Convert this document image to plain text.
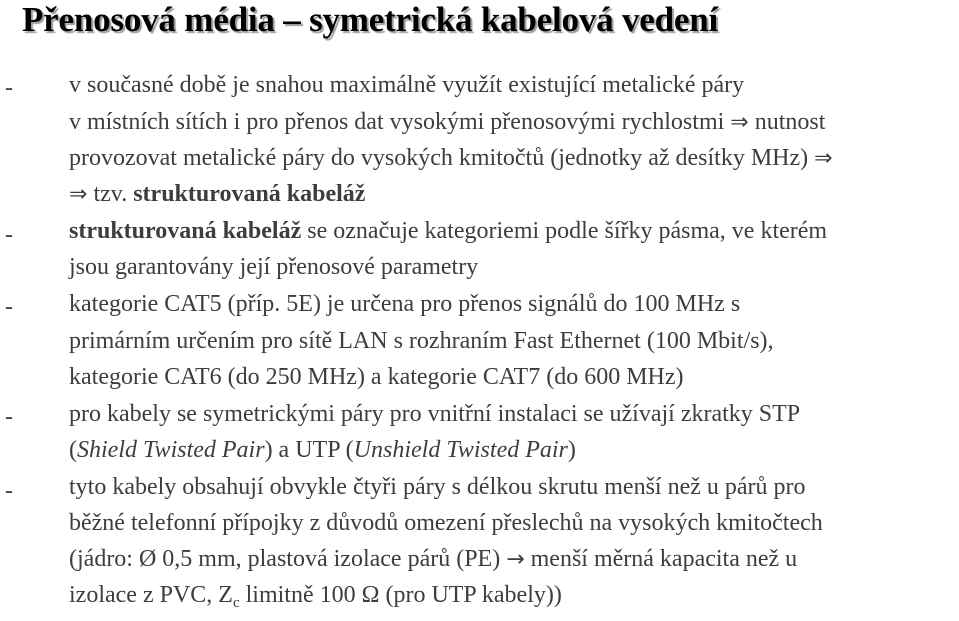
Přenosová média – symetrická kabelová vedení
- v současné době je snahou maximálně využít existující metalické páry
v místních sítích i pro přenos dat vysokými přenosovými rychlostmi ⇒ nutnost
provozovat metalické páry do vysokých kmitočtů (jednotky až desítky MHz) ⇒
⇒ tzv. strukturovaná kabeláž
- strukturovaná kabeláž se označuje kategoriemi podle šířky pásma, ve kterém
jsou garantovány její přenosové parametry
- kategorie CAT5 (příp. 5E) je určena pro přenos signálů do 100 MHz s
primárním určením pro sítě LAN s rozhraním Fast Ethernet (100 Mbit/s),
kategorie CAT6 (do 250 MHz) a kategorie CAT7 (do 600 MHz)
- pro kabely se symetrickými páry pro vnitřní instalaci se užívají zkratky STP
(Shield Twisted Pair) a UTP (Unshield Twisted Pair)
- tyto kabely obsahují obvykle čtyři páry s délkou skrutu menší než u párů pro
běžné telefonní přípojky z důvodů omezení přeslechů na vysokých kmitočtech
(jádro: Ø 0,5 mm, plastová izolace párů (PE) → menší měrná kapacita než u
izolace z PVC, $Z_c$ limitně 100 Ω (pro UTP kabely))
